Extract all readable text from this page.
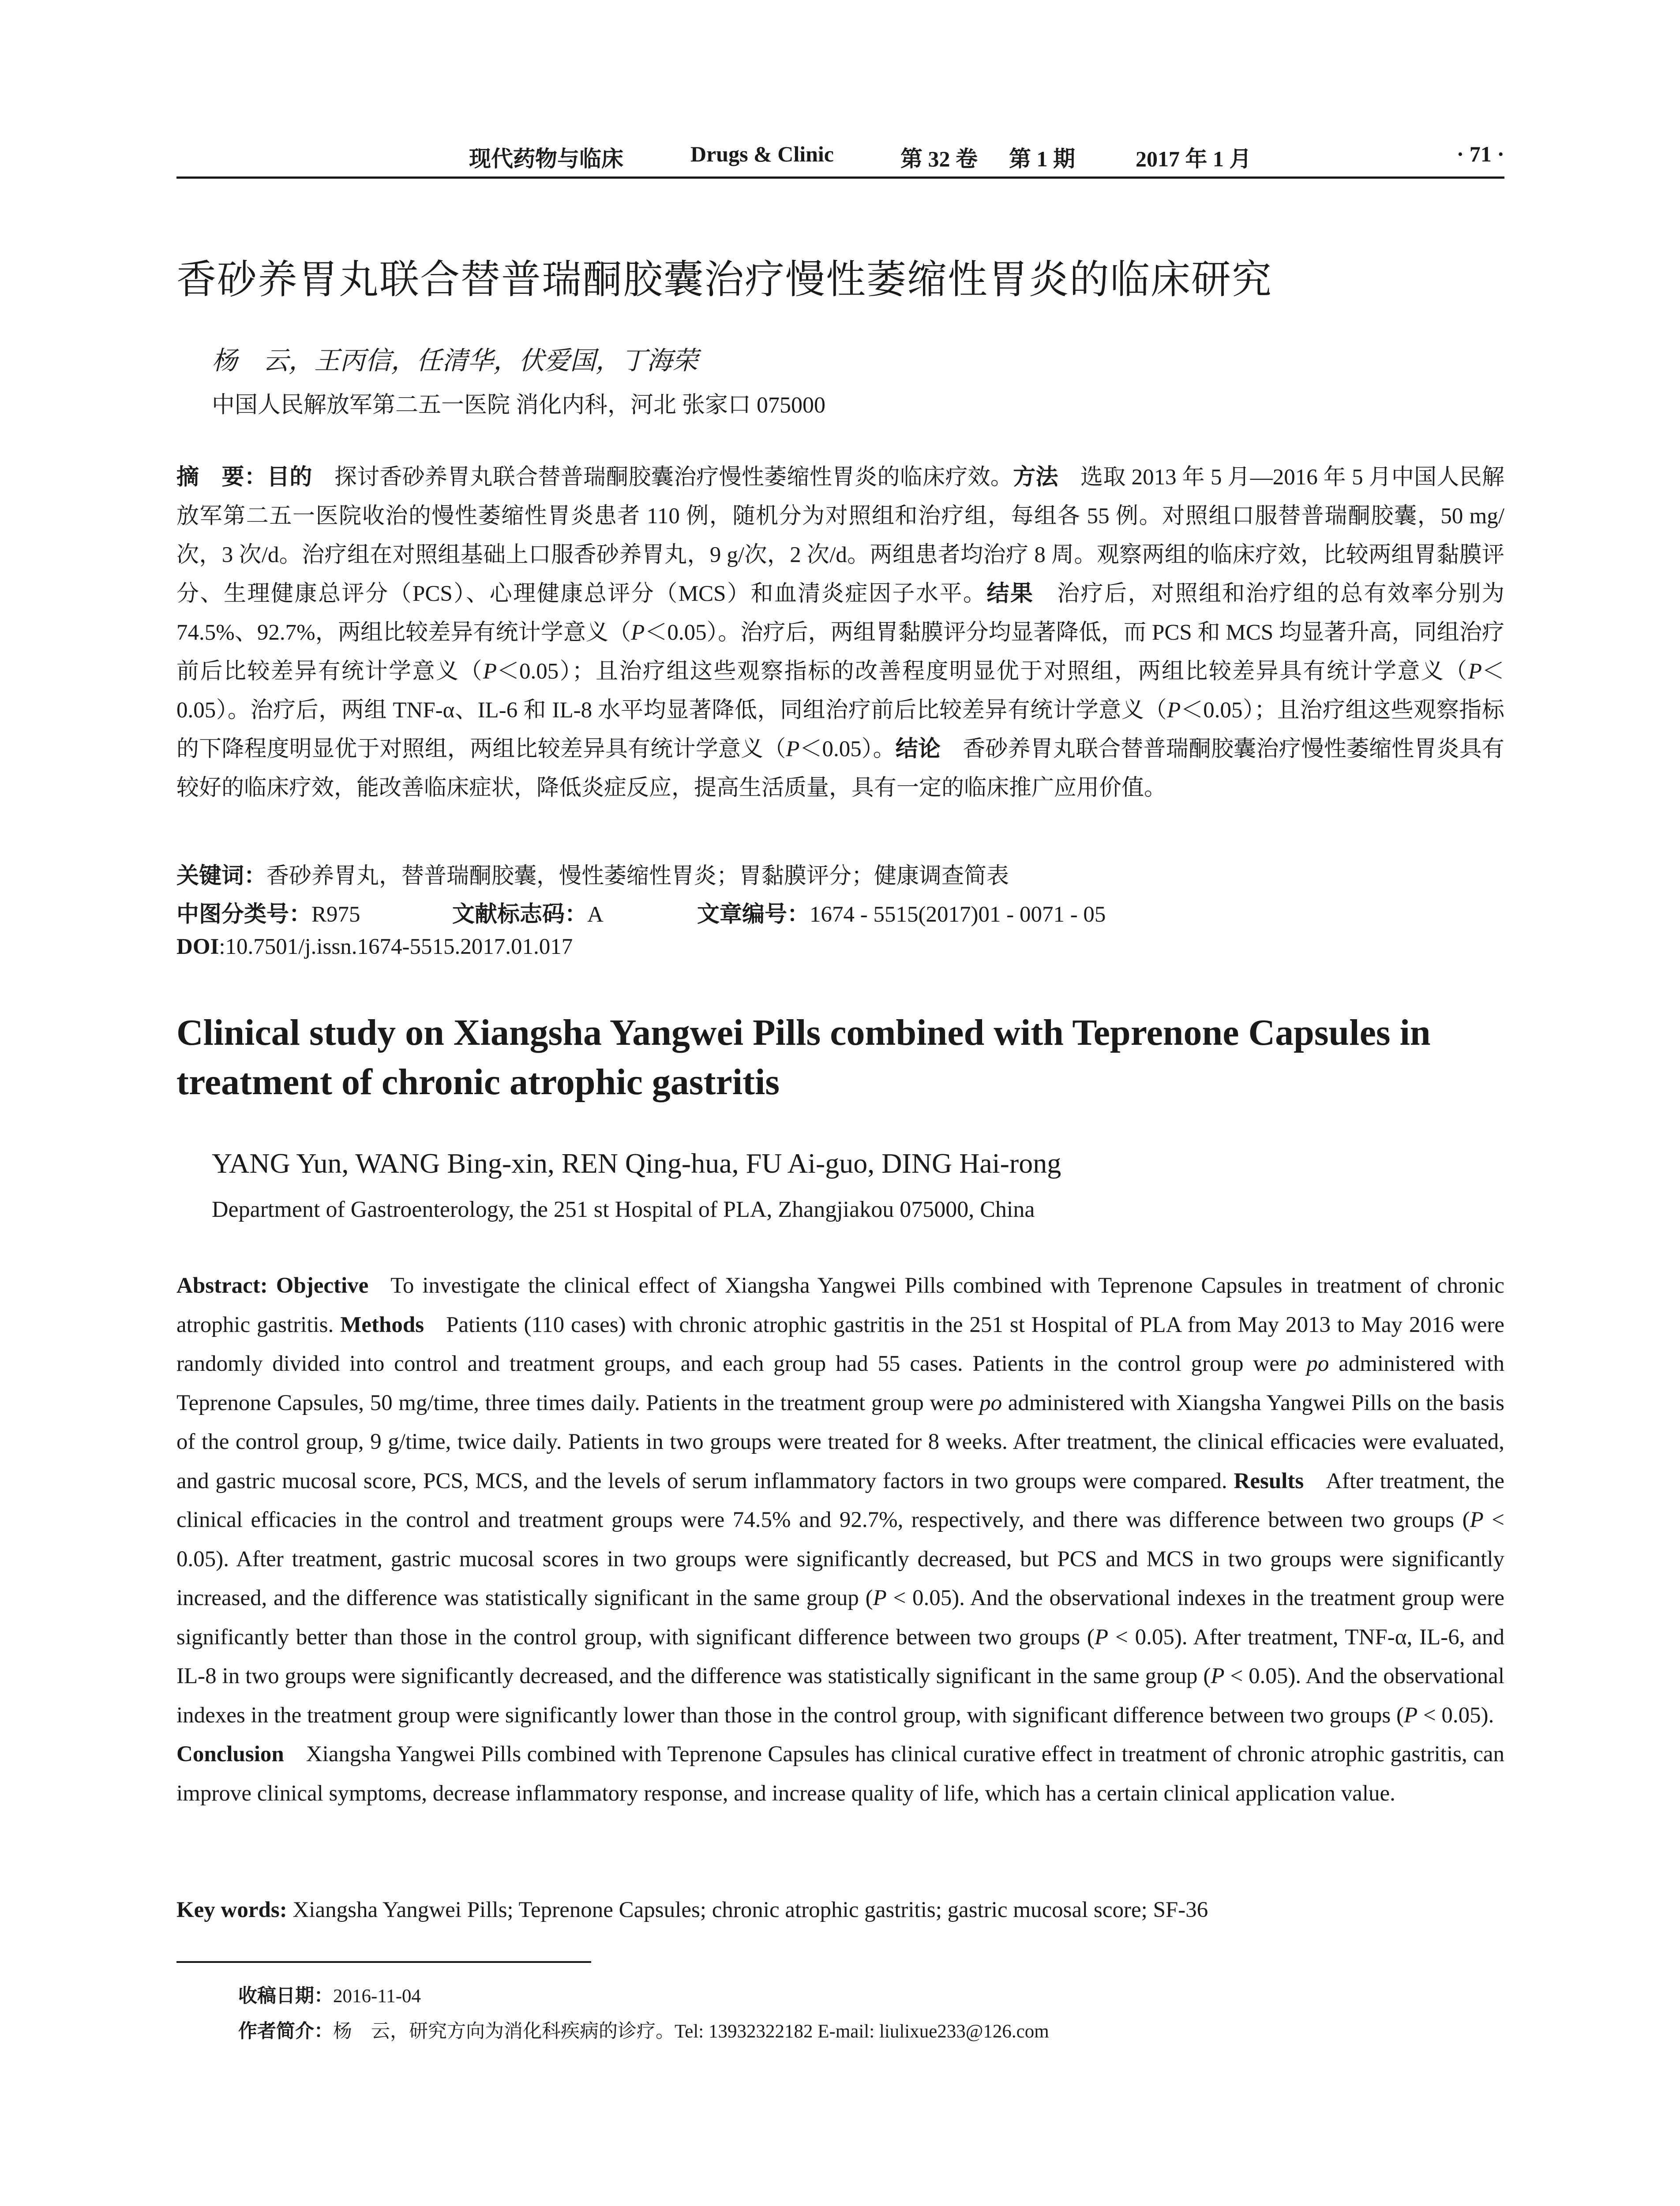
现代药物与临床	Drugs & Clinic	第 32 卷 第 1 期	2017 年 1 月	· 71 ·
香砂养胃丸联合替普瑞酮胶囊治疗慢性萎缩性胃炎的临床研究
杨　云，王丙信，任清华，伏爱国，丁海荣
中国人民解放军第二五一医院 消化内科，河北 张家口 075000

摘　要：目的 探讨香砂养胃丸联合替普瑞酮胶囊治疗慢性萎缩性胃炎的临床疗效。方法 选取 2013 年 5 月—2016 年 5 月中国人民解放军第二五一医院收治的慢性萎缩性胃炎患者 110 例，随机分为对照组和治疗组，每组各 55 例。对照组口服替普瑞酮胶囊，50 mg/次，3 次/d。治疗组在对照组基础上口服香砂养胃丸，9 g/次，2 次/d。两组患者均治疗 8 周。观察两组的临床疗效，比较两组胃黏膜评分、生理健康总评分（PCS）、心理健康总评分（MCS）和血清炎症因子水平。结果 治疗后，对照组和治疗组的总有效率分别为 74.5%、92.7%，两组比较差异有统计学意义（P＜0.05）。治疗后，两组胃黏膜评分均显著降低，而 PCS 和 MCS 均显著升高，同组治疗前后比较差异有统计学意义（P＜0.05）；且治疗组这些观察指标的改善程度明显优于对照组，两组比较差异具有统计学意义（P＜0.05）。治疗后，两组 TNF-α、IL-6 和 IL-8 水平均显著降低，同组治疗前后比较差异有统计学意义（P＜0.05）；且治疗组这些观察指标的下降程度明显优于对照组，两组比较差异具有统计学意义（P＜0.05）。结论 香砂养胃丸联合替普瑞酮胶囊治疗慢性萎缩性胃炎具有较好的临床疗效，能改善临床症状，降低炎症反应，提高生活质量，具有一定的临床推广应用价值。

关键词：香砂养胃丸，替普瑞酮胶囊，慢性萎缩性胃炎；胃黏膜评分；健康调查简表
中图分类号：R975	文献标志码：A	文章编号：1674 - 5515(2017)01 - 0071 - 05
DOI:10.7501/j.issn.1674-5515.2017.01.017
Clinical study on Xiangsha Yangwei Pills combined with Teprenone Capsules in treatment of chronic atrophic gastritis
YANG Yun, WANG Bing-xin, REN Qing-hua, FU Ai-guo, DING Hai-rong
Department of Gastroenterology, the 251 st Hospital of PLA, Zhangjiakou 075000, China

Abstract: Objective To investigate the clinical effect of Xiangsha Yangwei Pills combined with Teprenone Capsules in treatment of chronic atrophic gastritis. Methods Patients (110 cases) with chronic atrophic gastritis in the 251 st Hospital of PLA from May 2013 to May 2016 were randomly divided into control and treatment groups, and each group had 55 cases. Patients in the control group were po administered with Teprenone Capsules, 50 mg/time, three times daily. Patients in the treatment group were po administered with Xiangsha Yangwei Pills on the basis of the control group, 9 g/time, twice daily. Patients in two groups were treated for 8 weeks. After treatment, the clinical efficacies were evaluated, and gastric mucosal score, PCS, MCS, and the levels of serum inflammatory factors in two groups were compared. Results After treatment, the clinical efficacies in the control and treatment groups were 74.5% and 92.7%, respectively, and there was difference between two groups (P < 0.05). After treatment, gastric mucosal scores in two groups were significantly decreased, but PCS and MCS in two groups were significantly increased, and the difference was statistically significant in the same group (P < 0.05). And the observational indexes in the treatment group were significantly better than those in the control group, with significant difference between two groups (P < 0.05). After treatment, TNF-α, IL-6, and IL-8 in two groups were significantly decreased, and the difference was statistically significant in the same group (P < 0.05). And the observational indexes in the treatment group were significantly lower than those in the control group, with significant difference between two groups (P < 0.05).
Conclusion Xiangsha Yangwei Pills combined with Teprenone Capsules has clinical curative effect in treatment of chronic atrophic gastritis, can improve clinical symptoms, decrease inflammatory response, and increase quality of life, which has a certain clinical application value.

Key words: Xiangsha Yangwei Pills; Teprenone Capsules; chronic atrophic gastritis; gastric mucosal score; SF-36
收稿日期：2016-11-04
作者简介：杨　云，研究方向为消化科疾病的诊疗。Tel: 13932322182 E-mail: liulixue233@126.com
